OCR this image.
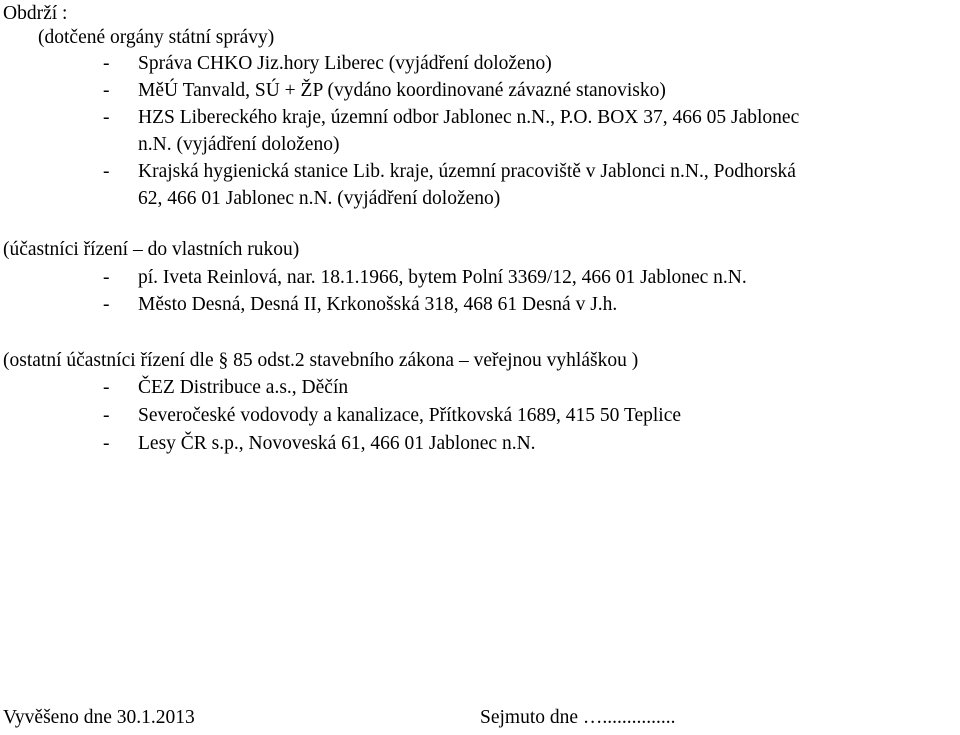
Obdrží :
(dotčené orgány státní správy)
- Správa CHKO Jiz.hory Liberec (vyjádření doloženo)
- MěÚ Tanvald, SÚ + ŽP (vydáno koordinované závazné stanovisko)
- HZS Libereckého kraje, územní odbor Jablonec n.N., P.O. BOX 37, 466 05 Jablonec
n.N. (vyjádření doloženo)
- Krajská hygienická stanice Lib. kraje, územní pracoviště v Jablonci n.N., Podhorská
62, 466 01 Jablonec n.N. (vyjádření doloženo)
(účastníci řízení – do vlastních rukou)
- pí. Iveta Reinlová, nar. 18.1.1966, bytem Polní 3369/12, 466 01 Jablonec n.N.
- Město Desná, Desná II, Krkonošská 318, 468 61 Desná v J.h.
(ostatní účastníci řízení dle § 85 odst.2 stavebního zákona – veřejnou vyhláškou )
- ČEZ Distribuce a.s., Děčín
- Severočeské vodovody a kanalizace, Přítkovská 1689, 415 50 Teplice
- Lesy ČR s.p., Novoveská 61, 466 01 Jablonec n.N.
Vyvěšeno dne 30.1.2013	Sejmuto dne …...............
